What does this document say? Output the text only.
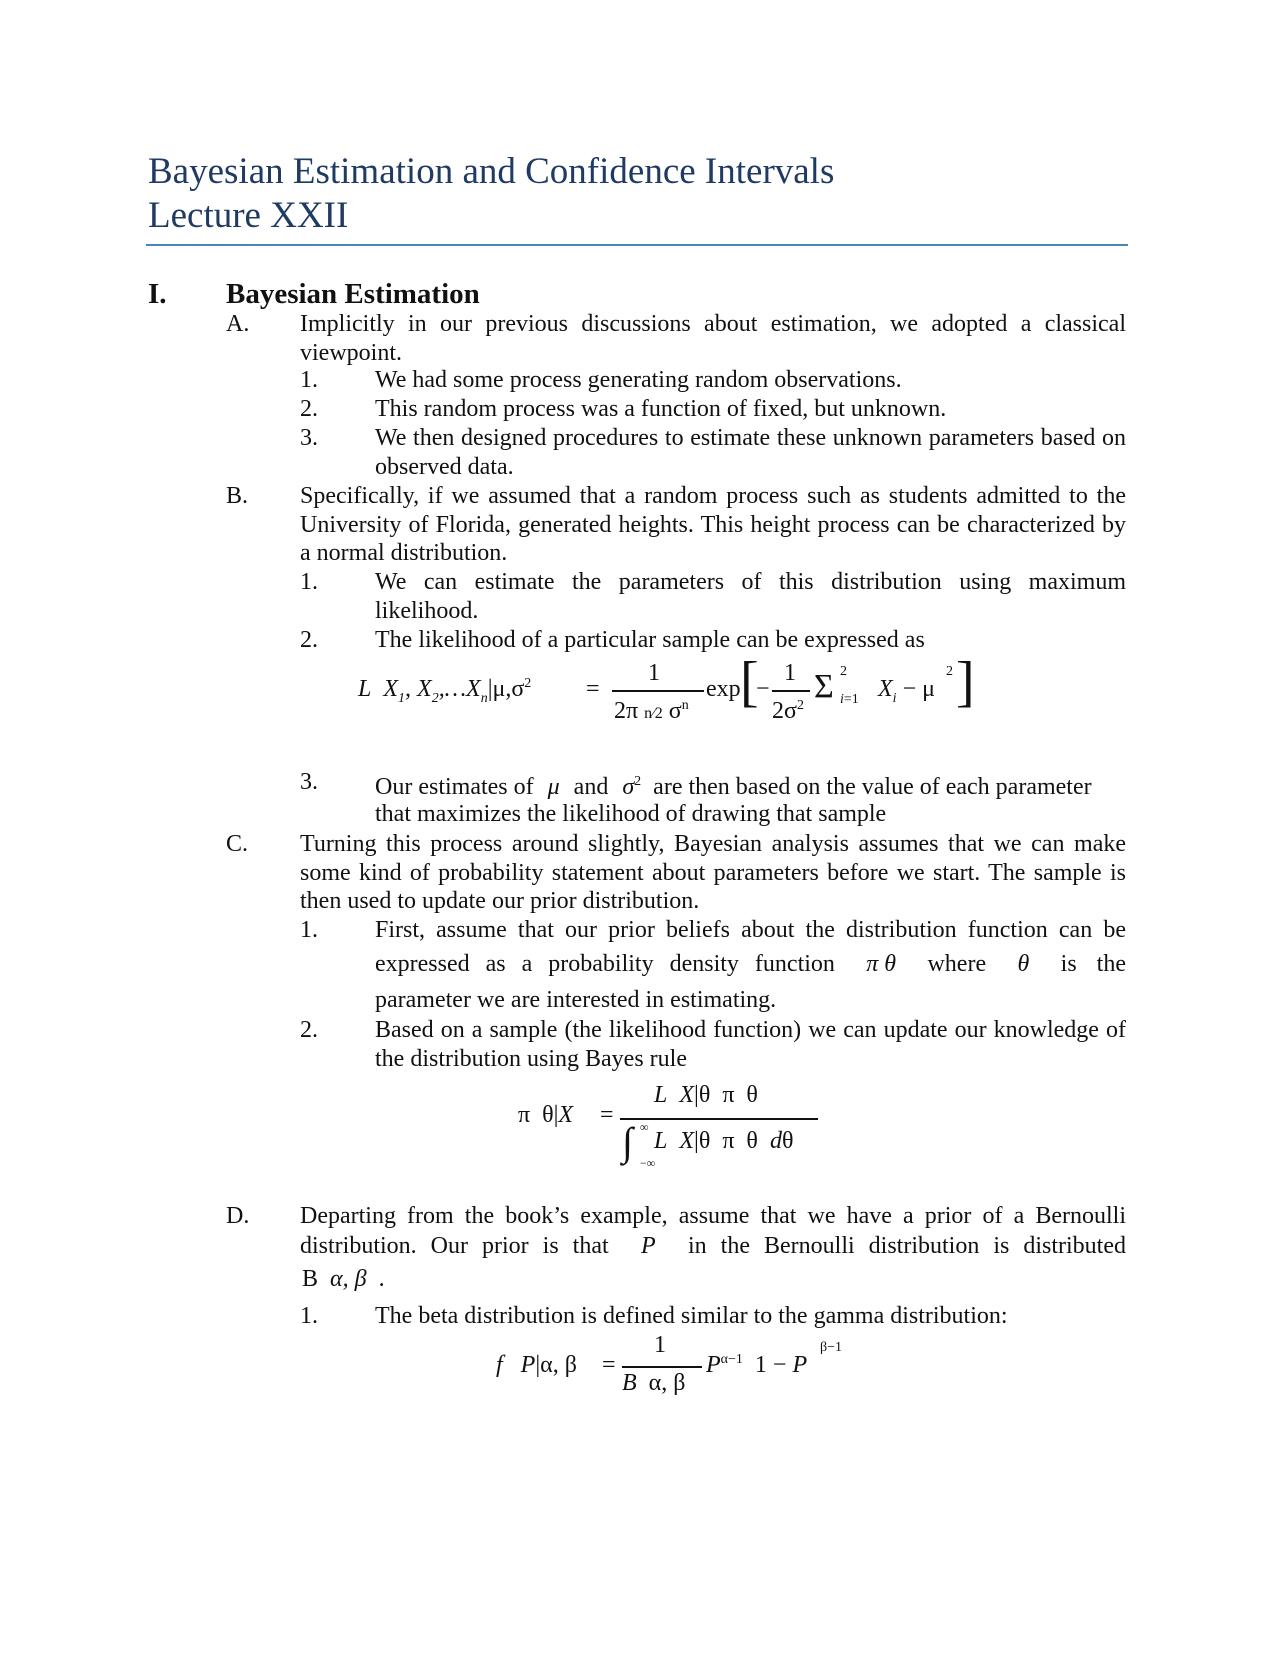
Bayesian Estimation and Confidence Intervals
Lecture XXII
I. Bayesian Estimation
A. Implicitly in our previous discussions about estimation, we adopted a classical viewpoint.
1. We had some process generating random observations.
2. This random process was a function of fixed, but unknown.
3. We then designed procedures to estimate these unknown parameters based on observed data.
B. Specifically, if we assumed that a random process such as students admitted to the University of Florida, generated heights. This height process can be characterized by a normal distribution.
1. We can estimate the parameters of this distribution using maximum likelihood.
2. The likelihood of a particular sample can be expressed as
L  $X_1$, $X_2,\dots X_n|\mu,\sigma^2$ =
1
2π n⁄2 $\sigma^n$
exp [
−
1
$2\sigma^2$
Σ 2
i=1 $X_i - \mu$
2 ]
3. Our estimates of μ and $\sigma^2$ are then based on the value of each parameter
that maximizes the likelihood of drawing that sample
C. Turning this process around slightly, Bayesian analysis assumes that we can make some kind of probability statement about parameters before we start. The sample is then used to update our prior distribution.
1. First, assume that our prior beliefs about the distribution function can be
expressed as a probability density function π θ where θ is the
parameter we are interested in estimating.
2. Based on a sample (the likelihood function) we can update our knowledge of the distribution using Bayes rule
π  θ|X =
L  X|θ  π  θ
∫ ∞
−∞
L  X|θ  π  θ  dθ
D. Departing from the book’s example, assume that we have a prior of a Bernoulli
distribution. Our prior is that P in the Bernoulli distribution is distributed
B  α, β  .
1. The beta distribution is defined similar to the gamma distribution:
f   P|α, β =
1
B  α, β
$P^{\alpha-1}$ 1 − P
β−1
